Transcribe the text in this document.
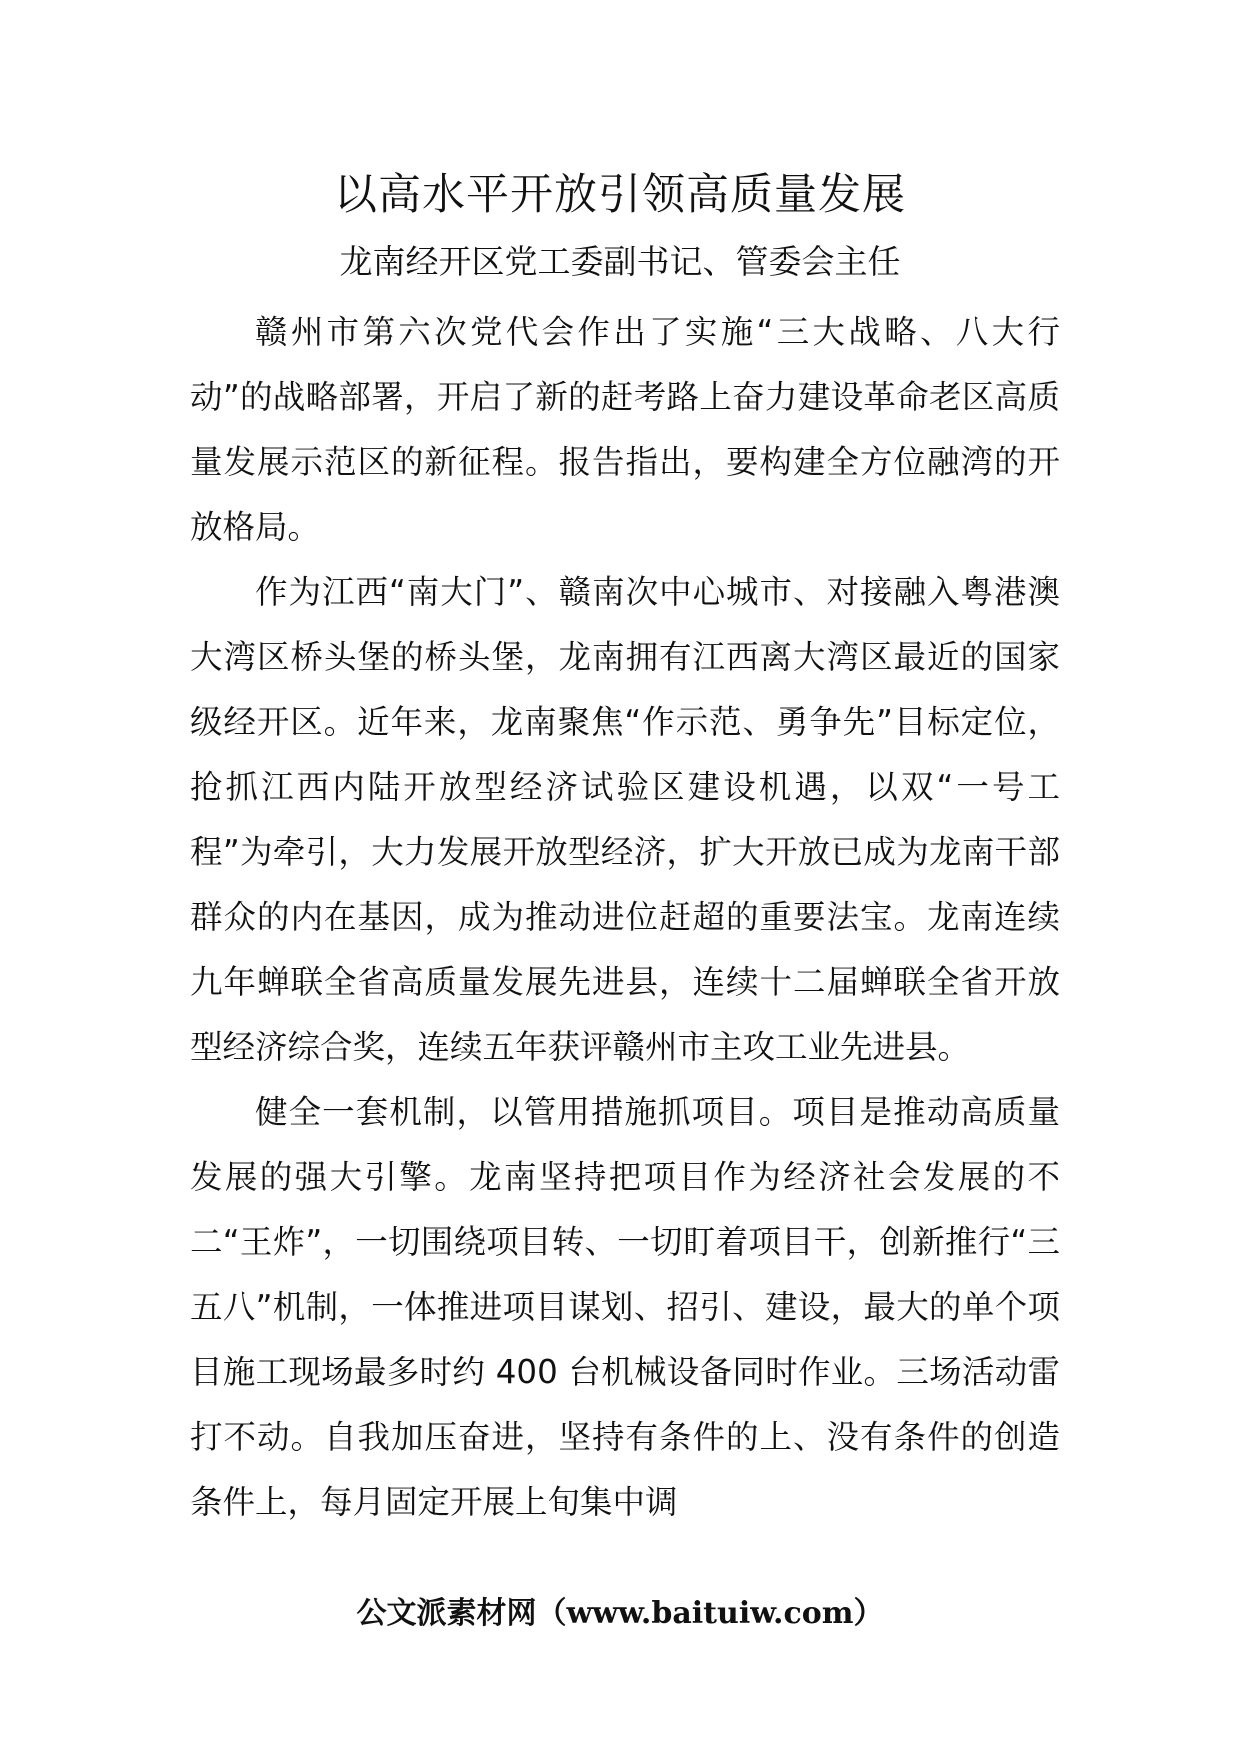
以高水平开放引领高质量发展
龙南经开区党工委副书记、管委会主任

赣州市第六次党代会作出了实施“三大战略、八大行动”的战略部署，开启了新的赶考路上奋力建设革命老区高质量发展示范区的新征程。报告指出，要构建全方位融湾的开放格局。

作为江西“南大门”、赣南次中心城市、对接融入粤港澳大湾区桥头堡的桥头堡，龙南拥有江西离大湾区最近的国家级经开区。近年来，龙南聚焦“作示范、勇争先”目标定位，抢抓江西内陆开放型经济试验区建设机遇，以双“一号工程”为牵引，大力发展开放型经济，扩大开放已成为龙南干部群众的内在基因，成为推动进位赶超的重要法宝。龙南连续九年蝉联全省高质量发展先进县，连续十二届蝉联全省开放型经济综合奖，连续五年获评赣州市主攻工业先进县。

健全一套机制，以管用措施抓项目。项目是推动高质量发展的强大引擎。龙南坚持把项目作为经济社会发展的不二“王炸”，一切围绕项目转、一切盯着项目干，创新推行“三五八”机制，一体推进项目谋划、招引、建设，最大的单个项目施工现场最多时约 400 台机械设备同时作业。三场活动雷打不动。自我加压奋进，坚持有条件的上、没有条件的创造条件上，每月固定开展上旬集中调

公文派素材网（www.baituiw.com）
